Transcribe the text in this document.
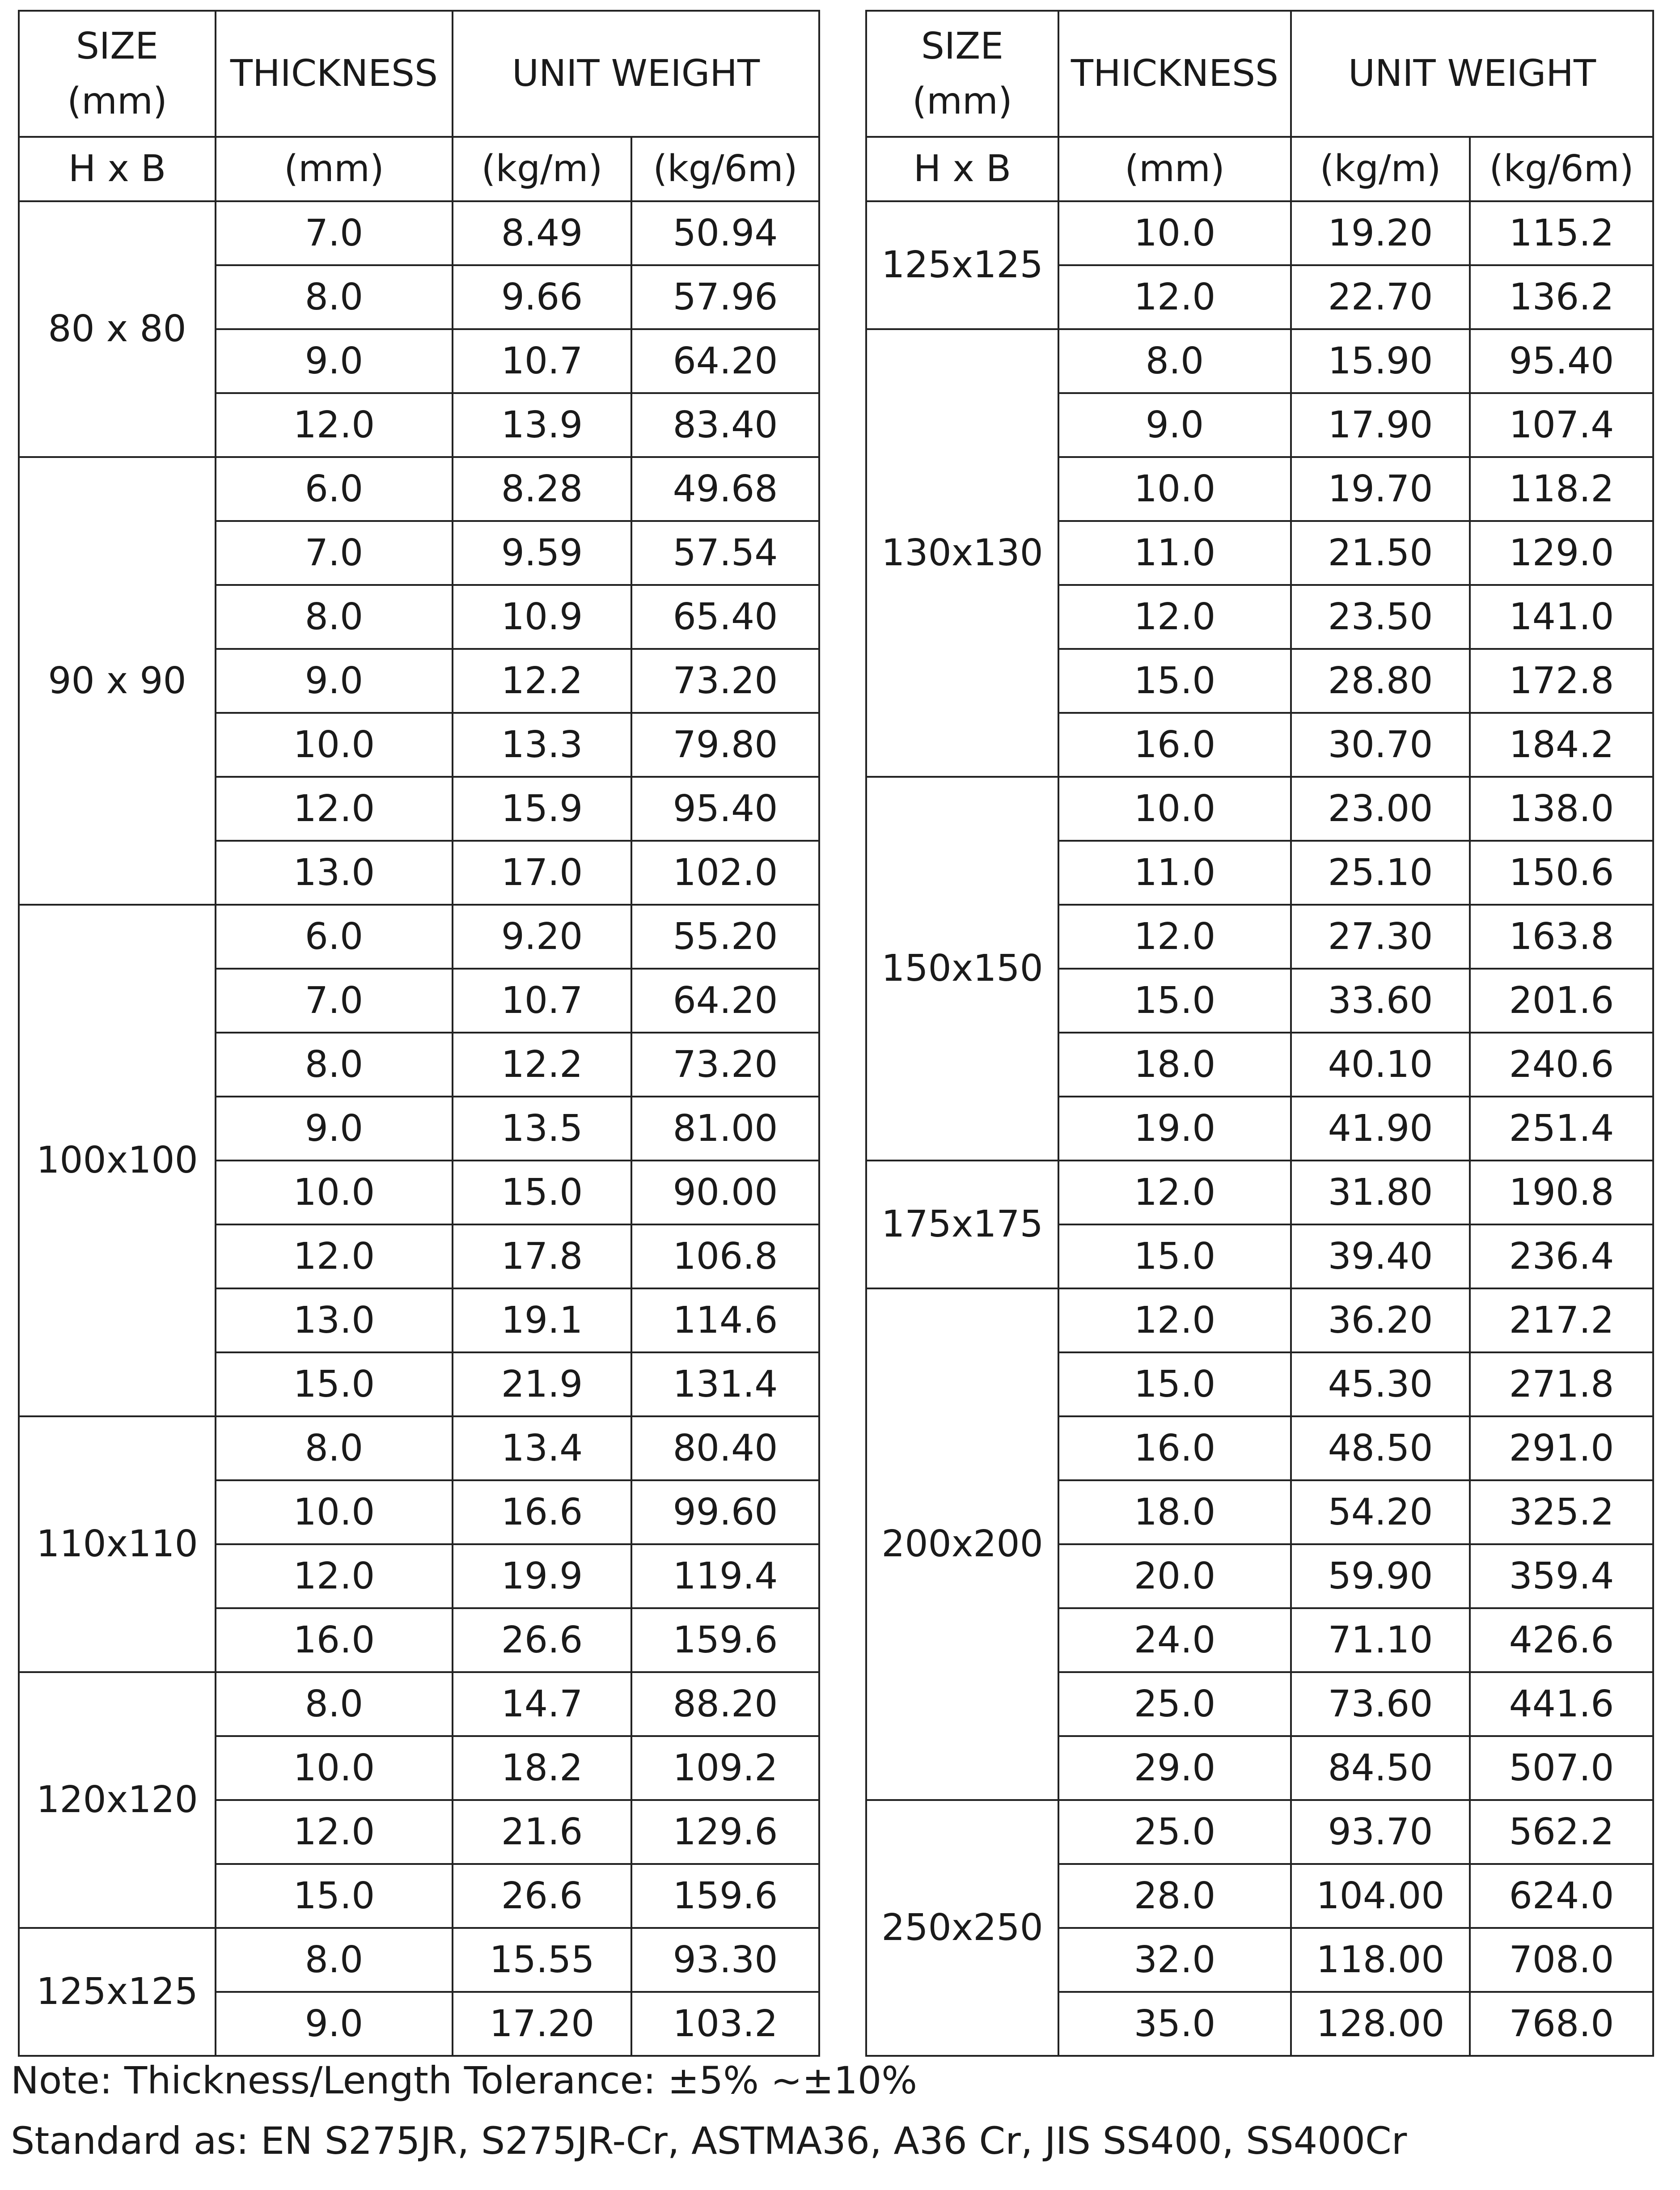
SIZE
(mm)	THICKNESS	UNIT WEIGHT	
H x B	(mm)	(kg/m)	(kg/6m)
80 x 80	7.0	8.49	50.94
	8.0	9.66	57.96
	9.0	10.7	64.20
	12.0	13.9	83.40
90 x 90	6.0	8.28	49.68
	7.0	9.59	57.54
	8.0	10.9	65.40
	9.0	12.2	73.20
	10.0	13.3	79.80
	12.0	15.9	95.40
	13.0	17.0	102.0
100x100	6.0	9.20	55.20
	7.0	10.7	64.20
	8.0	12.2	73.20
	9.0	13.5	81.00
	10.0	15.0	90.00
	12.0	17.8	106.8
	13.0	19.1	114.6
	15.0	21.9	131.4
110x110	8.0	13.4	80.40
	10.0	16.6	99.60
	12.0	19.9	119.4
	16.0	26.6	159.6
120x120	8.0	14.7	88.20
	10.0	18.2	109.2
	12.0	21.6	129.6
	15.0	26.6	159.6
125x125	8.0	15.55	93.30
	9.0	17.20	103.2
SIZE
(mm)	THICKNESS	UNIT WEIGHT	
H x B	(mm)	(kg/m)	(kg/6m)
125x125	10.0	19.20	115.2
	12.0	22.70	136.2
130x130	8.0	15.90	95.40
	9.0	17.90	107.4
	10.0	19.70	118.2
	11.0	21.50	129.0
	12.0	23.50	141.0
	15.0	28.80	172.8
	16.0	30.70	184.2
150x150	10.0	23.00	138.0
	11.0	25.10	150.6
	12.0	27.30	163.8
	15.0	33.60	201.6
	18.0	40.10	240.6
	19.0	41.90	251.4
175x175	12.0	31.80	190.8
	15.0	39.40	236.4
200x200	12.0	36.20	217.2
	15.0	45.30	271.8
	16.0	48.50	291.0
	18.0	54.20	325.2
	20.0	59.90	359.4
	24.0	71.10	426.6
	25.0	73.60	441.6
	29.0	84.50	507.0
250x250	25.0	93.70	562.2
	28.0	104.00	624.0
	32.0	118.00	708.0
	35.0	128.00	768.0
Note: Thickness/Length Tolerance: ±5% ~±10%
Standard as: EN S275JR, S275JR-Cr, ASTMA36, A36 Cr, JIS SS400, SS400Cr
